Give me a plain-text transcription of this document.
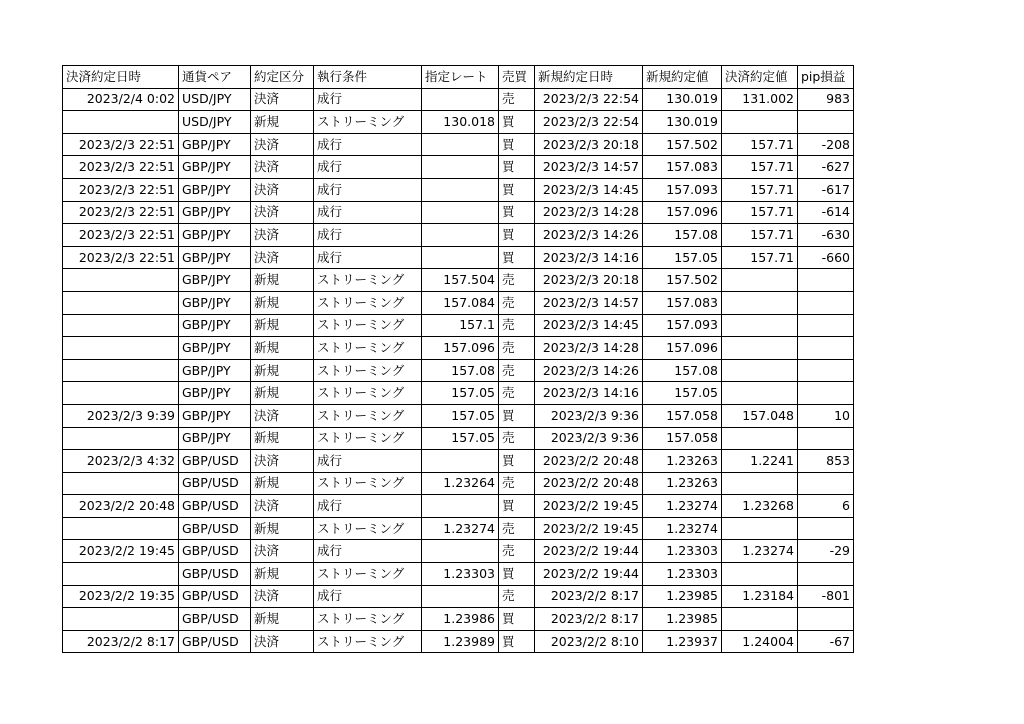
決済約定日時	通貨ペア	約定区分	執行条件	指定レート	売買	新規約定日時	新規約定値	決済約定値	pip損益
2023/2/4 0:02	USD/JPY	決済	成行		売	2023/2/3 22:54	130.019	131.002	983
	USD/JPY	新規	ストリーミング	130.018	買	2023/2/3 22:54	130.019		
2023/2/3 22:51	GBP/JPY	決済	成行		買	2023/2/3 20:18	157.502	157.71	-208
2023/2/3 22:51	GBP/JPY	決済	成行		買	2023/2/3 14:57	157.083	157.71	-627
2023/2/3 22:51	GBP/JPY	決済	成行		買	2023/2/3 14:45	157.093	157.71	-617
2023/2/3 22:51	GBP/JPY	決済	成行		買	2023/2/3 14:28	157.096	157.71	-614
2023/2/3 22:51	GBP/JPY	決済	成行		買	2023/2/3 14:26	157.08	157.71	-630
2023/2/3 22:51	GBP/JPY	決済	成行		買	2023/2/3 14:16	157.05	157.71	-660
	GBP/JPY	新規	ストリーミング	157.504	売	2023/2/3 20:18	157.502		
	GBP/JPY	新規	ストリーミング	157.084	売	2023/2/3 14:57	157.083		
	GBP/JPY	新規	ストリーミング	157.1	売	2023/2/3 14:45	157.093		
	GBP/JPY	新規	ストリーミング	157.096	売	2023/2/3 14:28	157.096		
	GBP/JPY	新規	ストリーミング	157.08	売	2023/2/3 14:26	157.08		
	GBP/JPY	新規	ストリーミング	157.05	売	2023/2/3 14:16	157.05		
2023/2/3 9:39	GBP/JPY	決済	ストリーミング	157.05	買	2023/2/3 9:36	157.058	157.048	10
	GBP/JPY	新規	ストリーミング	157.05	売	2023/2/3 9:36	157.058		
2023/2/3 4:32	GBP/USD	決済	成行		買	2023/2/2 20:48	1.23263	1.2241	853
	GBP/USD	新規	ストリーミング	1.23264	売	2023/2/2 20:48	1.23263		
2023/2/2 20:48	GBP/USD	決済	成行		買	2023/2/2 19:45	1.23274	1.23268	6
	GBP/USD	新規	ストリーミング	1.23274	売	2023/2/2 19:45	1.23274		
2023/2/2 19:45	GBP/USD	決済	成行		売	2023/2/2 19:44	1.23303	1.23274	-29
	GBP/USD	新規	ストリーミング	1.23303	買	2023/2/2 19:44	1.23303		
2023/2/2 19:35	GBP/USD	決済	成行		売	2023/2/2 8:17	1.23985	1.23184	-801
	GBP/USD	新規	ストリーミング	1.23986	買	2023/2/2 8:17	1.23985		
2023/2/2 8:17	GBP/USD	決済	ストリーミング	1.23989	買	2023/2/2 8:10	1.23937	1.24004	-67
